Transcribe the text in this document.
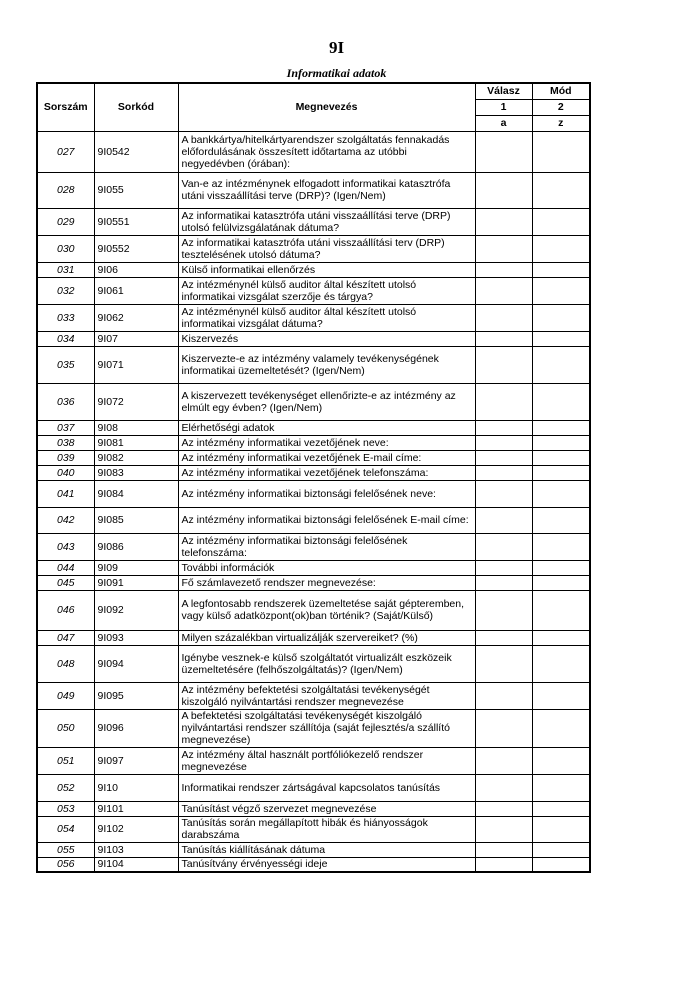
9I
Informatikai adatok
Sorszám	Sorkód	Megnevezés	Válasz	Mód
			1	2
			a	z
027	9I0542	A bankkártya/hitelkártyarendszer szolgáltatás fennakadás előfordulásának összesített időtartama az utóbbi negyedévben (órában):		
028	9I055	Van-e az intézménynek elfogadott informatikai katasztrófa utáni visszaállítási terve (DRP)? (Igen/Nem)		
029	9I0551	Az informatikai katasztrófa utáni visszaállítási terve (DRP) utolsó felülvizsgálatának dátuma?		
030	9I0552	Az informatikai katasztrófa utáni visszaállítási terv (DRP) tesztelésének utolsó dátuma?		
031	9I06	Külső informatikai ellenőrzés		
032	9I061	Az intézménynél külső auditor által készített utolsó informatikai vizsgálat szerzője és tárgya?		
033	9I062	Az intézménynél külső auditor által készített utolsó informatikai vizsgálat dátuma?		
034	9I07	Kiszervezés		
035	9I071	Kiszervezte-e az intézmény valamely tevékenységének informatikai üzemeltetését? (Igen/Nem)		
036	9I072	A kiszervezett tevékenységet ellenőrizte-e az intézmény az elmúlt egy évben? (Igen/Nem)		
037	9I08	Elérhetőségi adatok		
038	9I081	Az intézmény informatikai vezetőjének neve:		
039	9I082	Az intézmény informatikai vezetőjének E-mail címe:		
040	9I083	Az intézmény informatikai vezetőjének telefonszáma:		
041	9I084	Az intézmény informatikai biztonsági felelősének neve:		
042	9I085	Az intézmény informatikai biztonsági felelősének E-mail címe:		
043	9I086	Az intézmény informatikai biztonsági felelősének telefonszáma:		
044	9I09	További információk		
045	9I091	Fő számlavezető rendszer megnevezése:		
046	9I092	A legfontosabb rendszerek üzemeltetése saját gépteremben, vagy külső adatközpont(ok)ban történik? (Saját/Külső)		
047	9I093	Milyen százalékban virtualizálják szervereiket? (%)		
048	9I094	Igénybe vesznek-e külső szolgáltatót virtualizált eszközeik üzemeltetésére (felhőszolgáltatás)? (Igen/Nem)		
049	9I095	Az intézmény befektetési szolgáltatási tevékenységét kiszolgáló nyilvántartási rendszer megnevezése		
050	9I096	A befektetési szolgáltatási tevékenységét kiszolgáló nyilvántartási rendszer szállítója (saját fejlesztés/a szállító megnevezése)		
051	9I097	Az intézmény által használt portfóliókezelő rendszer megnevezése		
052	9I10	Informatikai rendszer zártságával kapcsolatos tanúsítás		
053	9I101	Tanúsítást végző szervezet megnevezése		
054	9I102	Tanúsítás során megállapított hibák és hiányosságok darabszáma		
055	9I103	Tanúsítás kiállításának dátuma		
056	9I104	Tanúsítvány érvényességi ideje		
